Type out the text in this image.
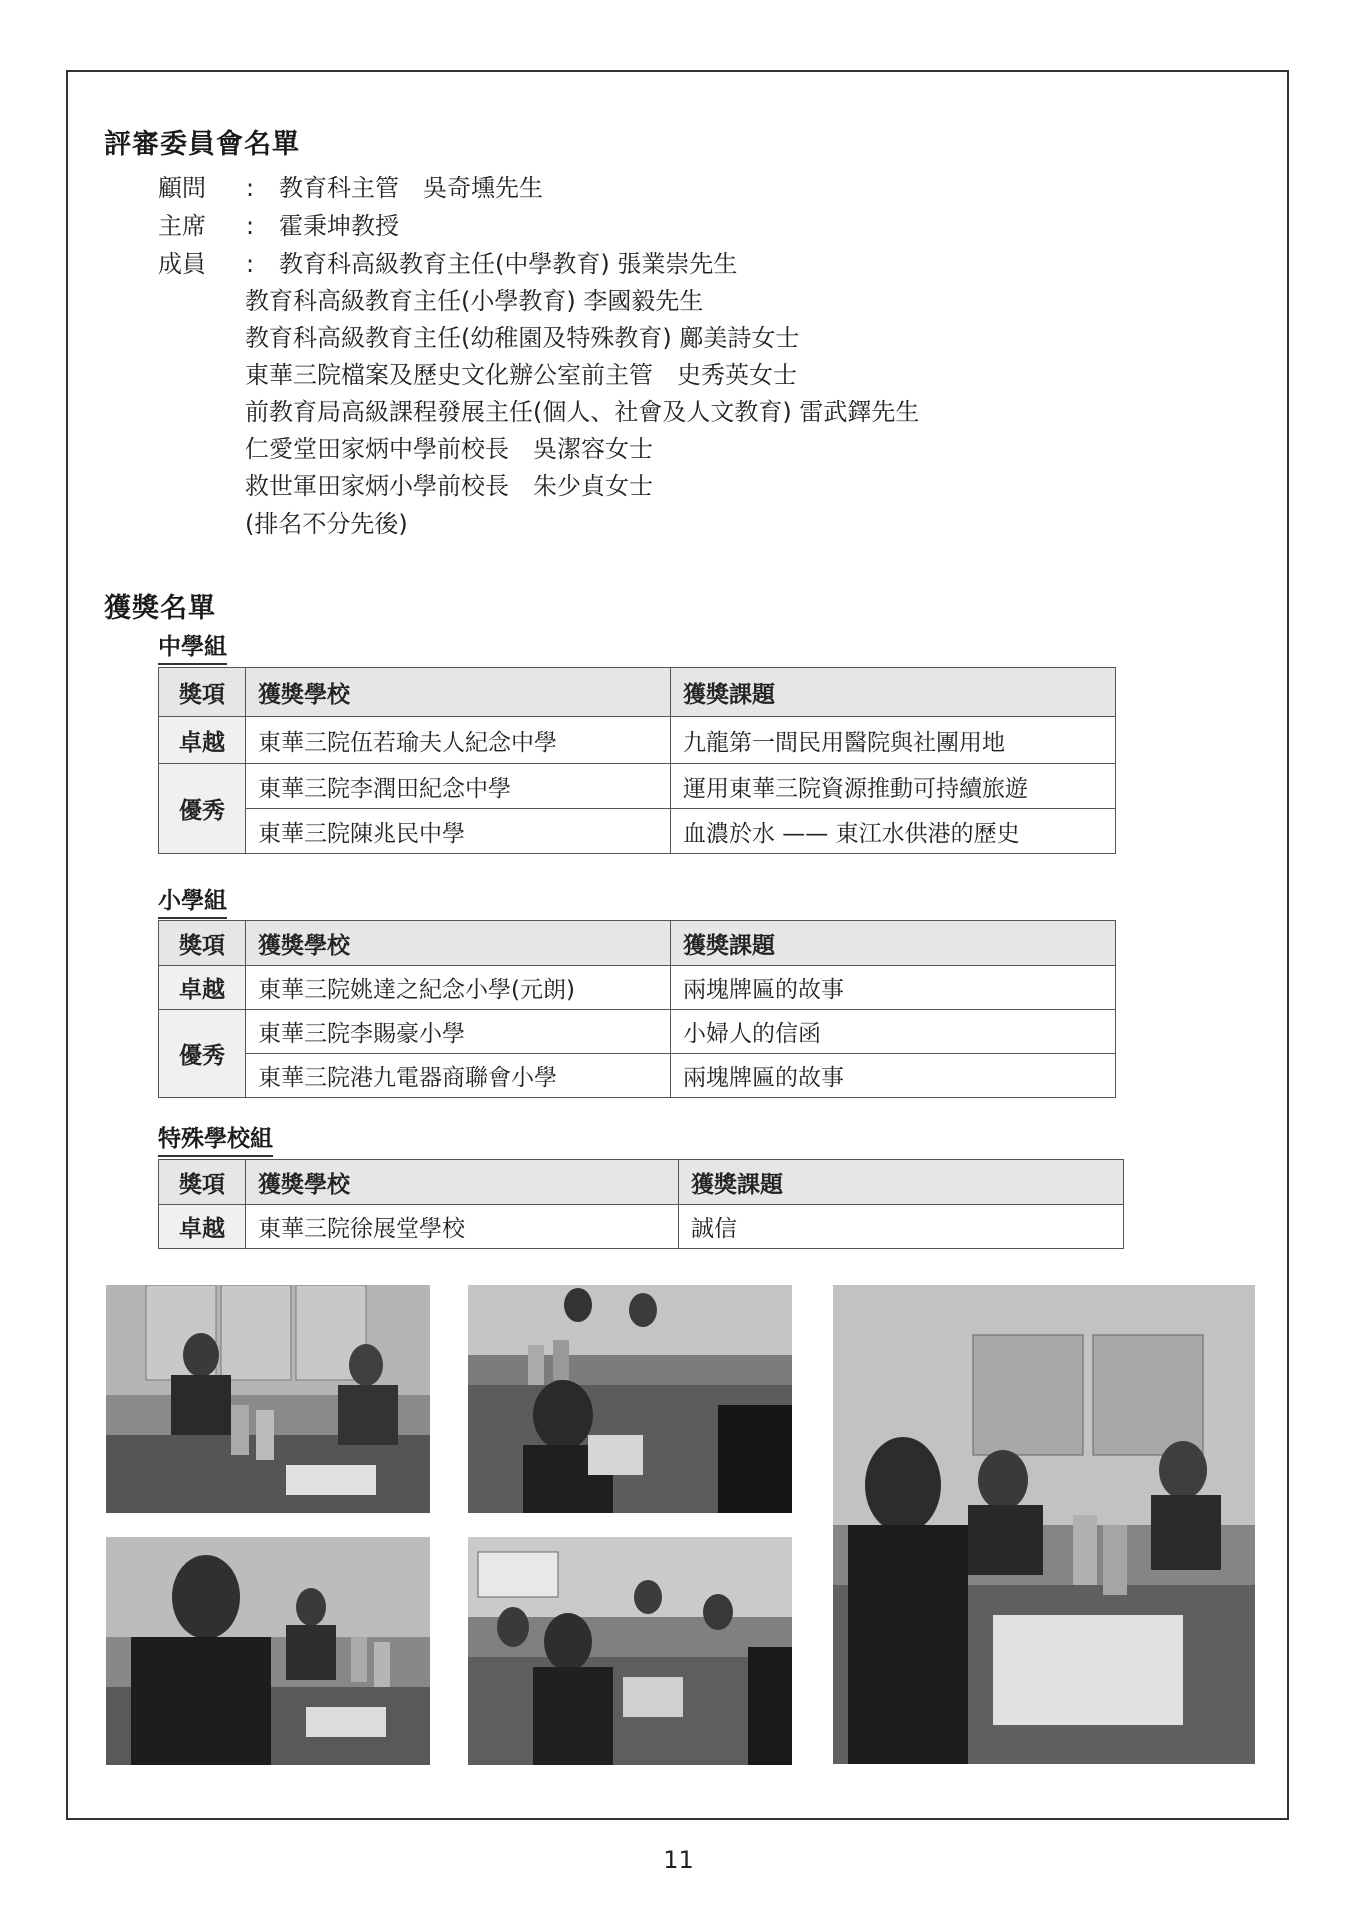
評審委員會名單
顧問 : 教育科主管　吳奇壎先生
主席 : 霍秉坤教授
成員 : 教育科高級教育主任(中學教育) 張業崇先生
教育科高級教育主任(小學教育) 李國毅先生
教育科高級教育主任(幼稚園及特殊教育) 鄺美詩女士
東華三院檔案及歷史文化辦公室前主管　史秀英女士
前教育局高級課程發展主任(個人、社會及人文教育) 雷武鐸先生
仁愛堂田家炳中學前校長　吳潔容女士
救世軍田家炳小學前校長　朱少貞女士
(排名不分先後)
獲獎名單
中學組
獎項	獲獎學校	獲獎課題
卓越	東華三院伍若瑜夫人紀念中學	九龍第一間民用醫院與社團用地
優秀	東華三院李潤田紀念中學	運用東華三院資源推動可持續旅遊
	東華三院陳兆民中學	血濃於水 —— 東江水供港的歷史
小學組
獎項	獲獎學校	獲獎課題
卓越	東華三院姚達之紀念小學(元朗)	兩塊牌匾的故事
優秀	東華三院李賜豪小學	小婦人的信函
	東華三院港九電器商聯會小學	兩塊牌匾的故事
特殊學校組
獎項	獲獎學校	獲獎課題
卓越	東華三院徐展堂學校	誠信
11
